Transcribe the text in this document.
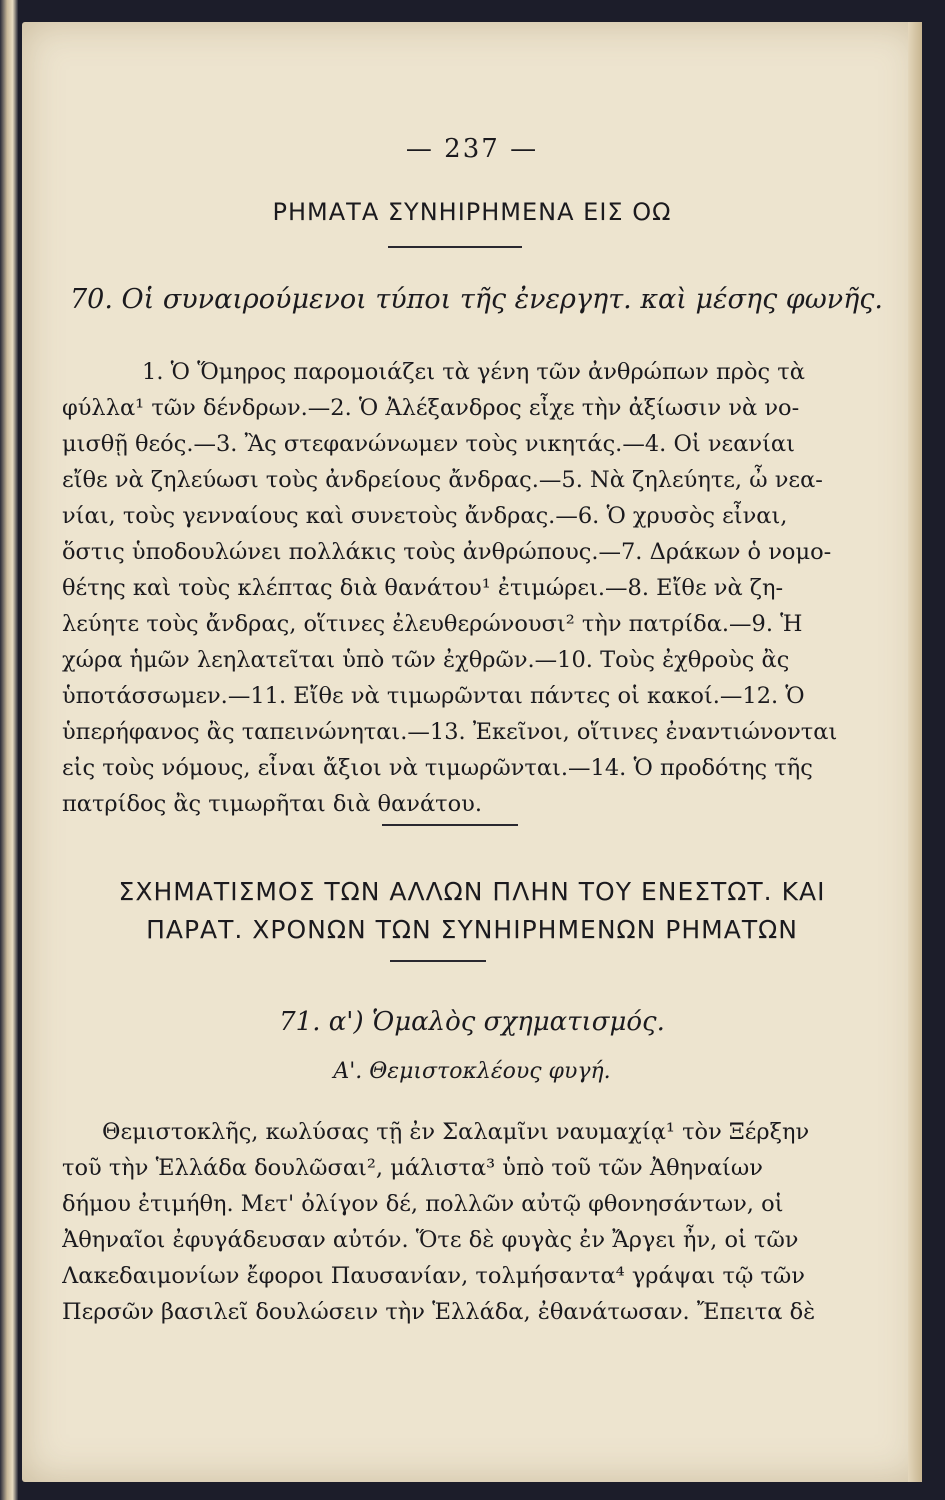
— 237 —
ΡΗΜΑΤΑ ΣΥΝΗΙΡΗΜΕΝΑ ΕΙΣ ΟΩ
70. Οἱ συναιρούμενοι τύποι τῆς ἐνεργητ. καὶ μέσης φωνῆς.
1. Ὁ Ὅμηρος παρομοιάζει τὰ γένη τῶν ἀνθρώπων πρὸς τὰ
φύλλα¹ τῶν δένδρων.—2. Ὁ Ἀλέξανδρος εἶχε τὴν ἀξίωσιν νὰ νο-
μισθῇ θεός.—3. Ἂς στεφανώνωμεν τοὺς νικητάς.—4. Οἱ νεανίαι
εἴθε νὰ ζηλεύωσι τοὺς ἀνδρείους ἄνδρας.—5. Νὰ ζηλεύητε, ὦ νεα-
νίαι, τοὺς γενναίους καὶ συνετοὺς ἄνδρας.—6. Ὁ χρυσὸς εἶναι,
ὅστις ὑποδουλώνει πολλάκις τοὺς ἀνθρώπους.—7. Δράκων ὁ νομο-
θέτης καὶ τοὺς κλέπτας διὰ θανάτου¹ ἐτιμώρει.—8. Εἴθε νὰ ζη-
λεύητε τοὺς ἄνδρας, οἵτινες ἐλευθερώνουσι² τὴν πατρίδα.—9. Ἡ
χώρα ἡμῶν λεηλατεῖται ὑπὸ τῶν ἐχθρῶν.—10. Τοὺς ἐχθροὺς ἂς
ὑποτάσσωμεν.—11. Εἴθε νὰ τιμωρῶνται πάντες οἱ κακοί.—12. Ὁ
ὑπερήφανος ἂς ταπεινώνηται.—13. Ἐκεῖνοι, οἵτινες ἐναντιώνονται
εἰς τοὺς νόμους, εἶναι ἄξιοι νὰ τιμωρῶνται.—14. Ὁ προδότης τῆς
πατρίδος ἂς τιμωρῆται διὰ θανάτου.
ΣΧΗΜΑΤΙΣΜΟΣ ΤΩΝ ΑΛΛΩΝ ΠΛΗΝ ΤΟΥ ΕΝΕΣΤΩΤ. ΚΑΙ
ΠΑΡΑΤ. ΧΡΟΝΩΝ ΤΩΝ ΣΥΝΗΙΡΗΜΕΝΩΝ ΡΗΜΑΤΩΝ
71. α') Ὁμαλὸς σχηματισμός.
Α'. Θεμιστοκλέους φυγή.
Θεμιστοκλῆς, κωλύσας τῇ ἐν Σαλαμῖνι ναυμαχίᾳ¹ τὸν Ξέρξην
τοῦ τὴν Ἑλλάδα δουλῶσαι², μάλιστα³ ὑπὸ τοῦ τῶν Ἀθηναίων
δήμου ἐτιμήθη. Μετ' ὀλίγον δέ, πολλῶν αὐτῷ φθονησάντων, οἱ
Ἀθηναῖοι ἐφυγάδευσαν αὐτόν. Ὅτε δὲ φυγὰς ἐν Ἄργει ἦν, οἱ τῶν
Λακεδαιμονίων ἔφοροι Παυσανίαν, τολμήσαντα⁴ γράψαι τῷ τῶν
Περσῶν βασιλεῖ δουλώσειν τὴν Ἑλλάδα, ἐθανάτωσαν. Ἔπειτα δὲ
